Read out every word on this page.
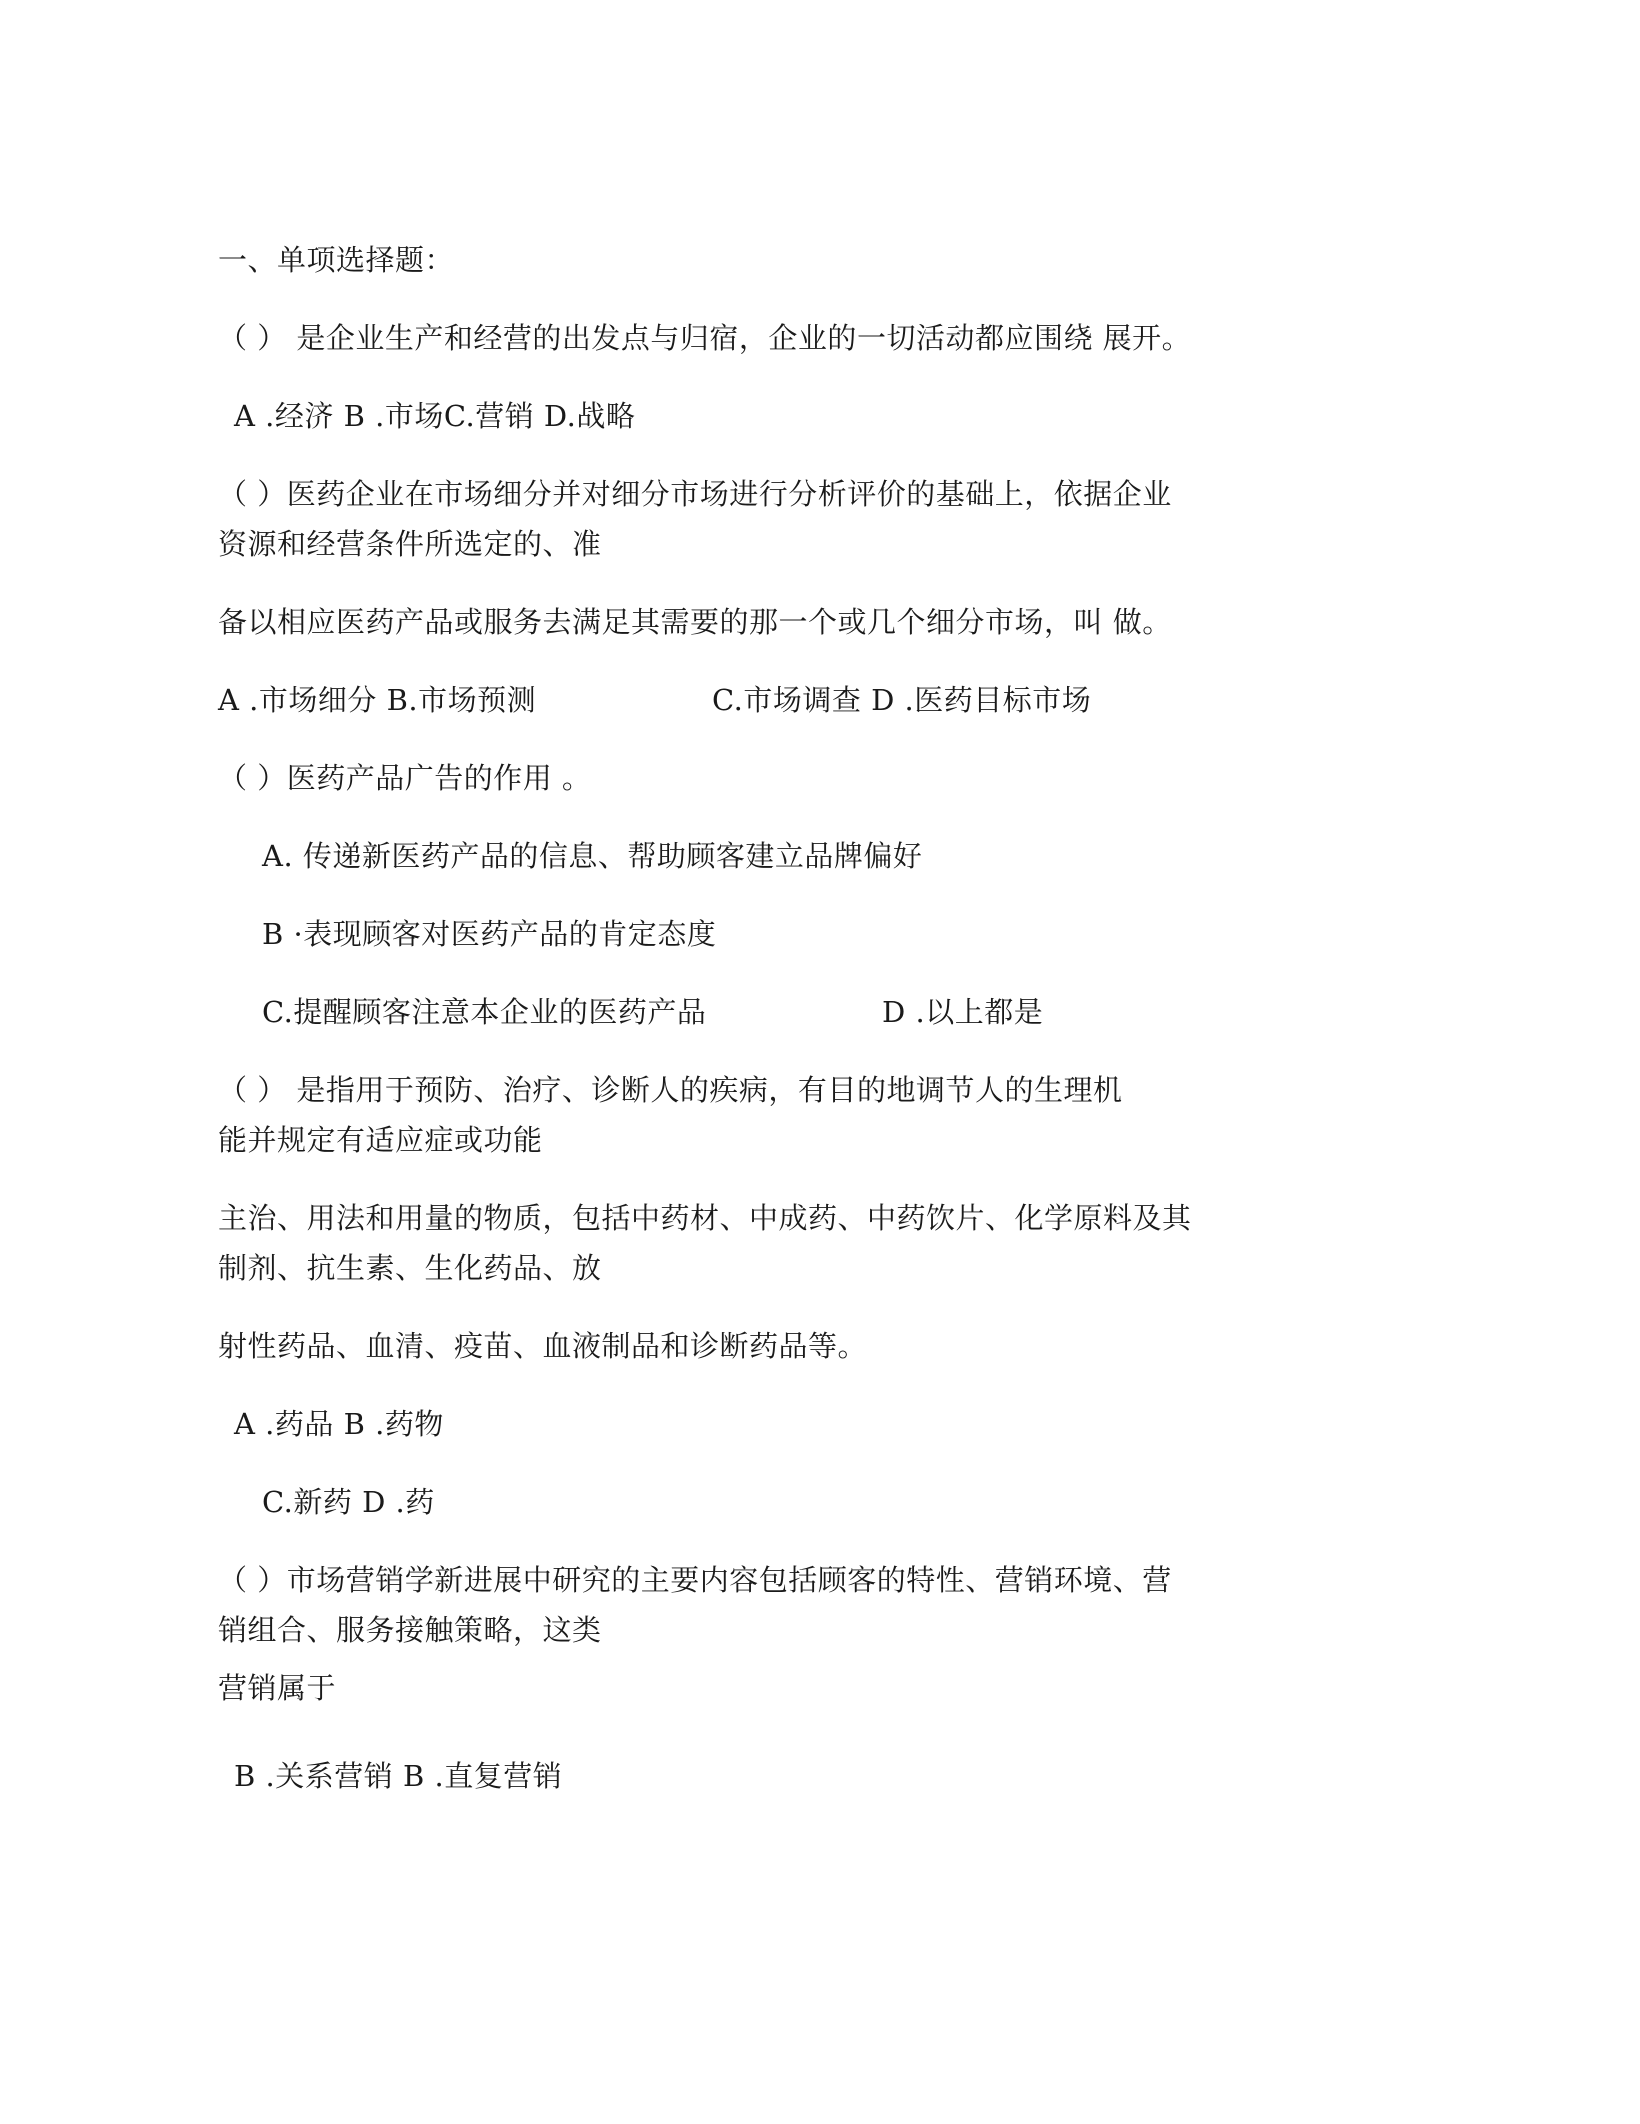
一、单项选择题：
（ ） 是企业生产和经营的出发点与归宿，企业的一切活动都应围绕 展开。
A .经济 B .市场C.营销 D.战略
（ ）医药企业在市场细分并对细分市场进行分析评价的基础上，依据企业
资源和经营条件所选定的、准
备以相应医药产品或服务去满足其需要的那一个或几个细分市场，叫 做。
A .市场细分 B.市场预测	C.市场调查 D .医药目标市场
（ ）医药产品广告的作用 。
A. 传递新医药产品的信息、帮助顾客建立品牌偏好
B ·表现顾客对医药产品的肯定态度
C.提醒顾客注意本企业的医药产品	D .以上都是
（ ） 是指用于预防、治疗、诊断人的疾病，有目的地调节人的生理机
能并规定有适应症或功能
主治、用法和用量的物质，包括中药材、中成药、中药饮片、化学原料及其
制剂、抗生素、生化药品、放
射性药品、血清、疫苗、血液制品和诊断药品等。
A .药品 B .药物
C.新药 D .药
（ ）市场营销学新进展中研究的主要内容包括顾客的特性、营销环境、营
销组合、服务接触策略，这类
营销属于
B .关系营销 B .直复营销
